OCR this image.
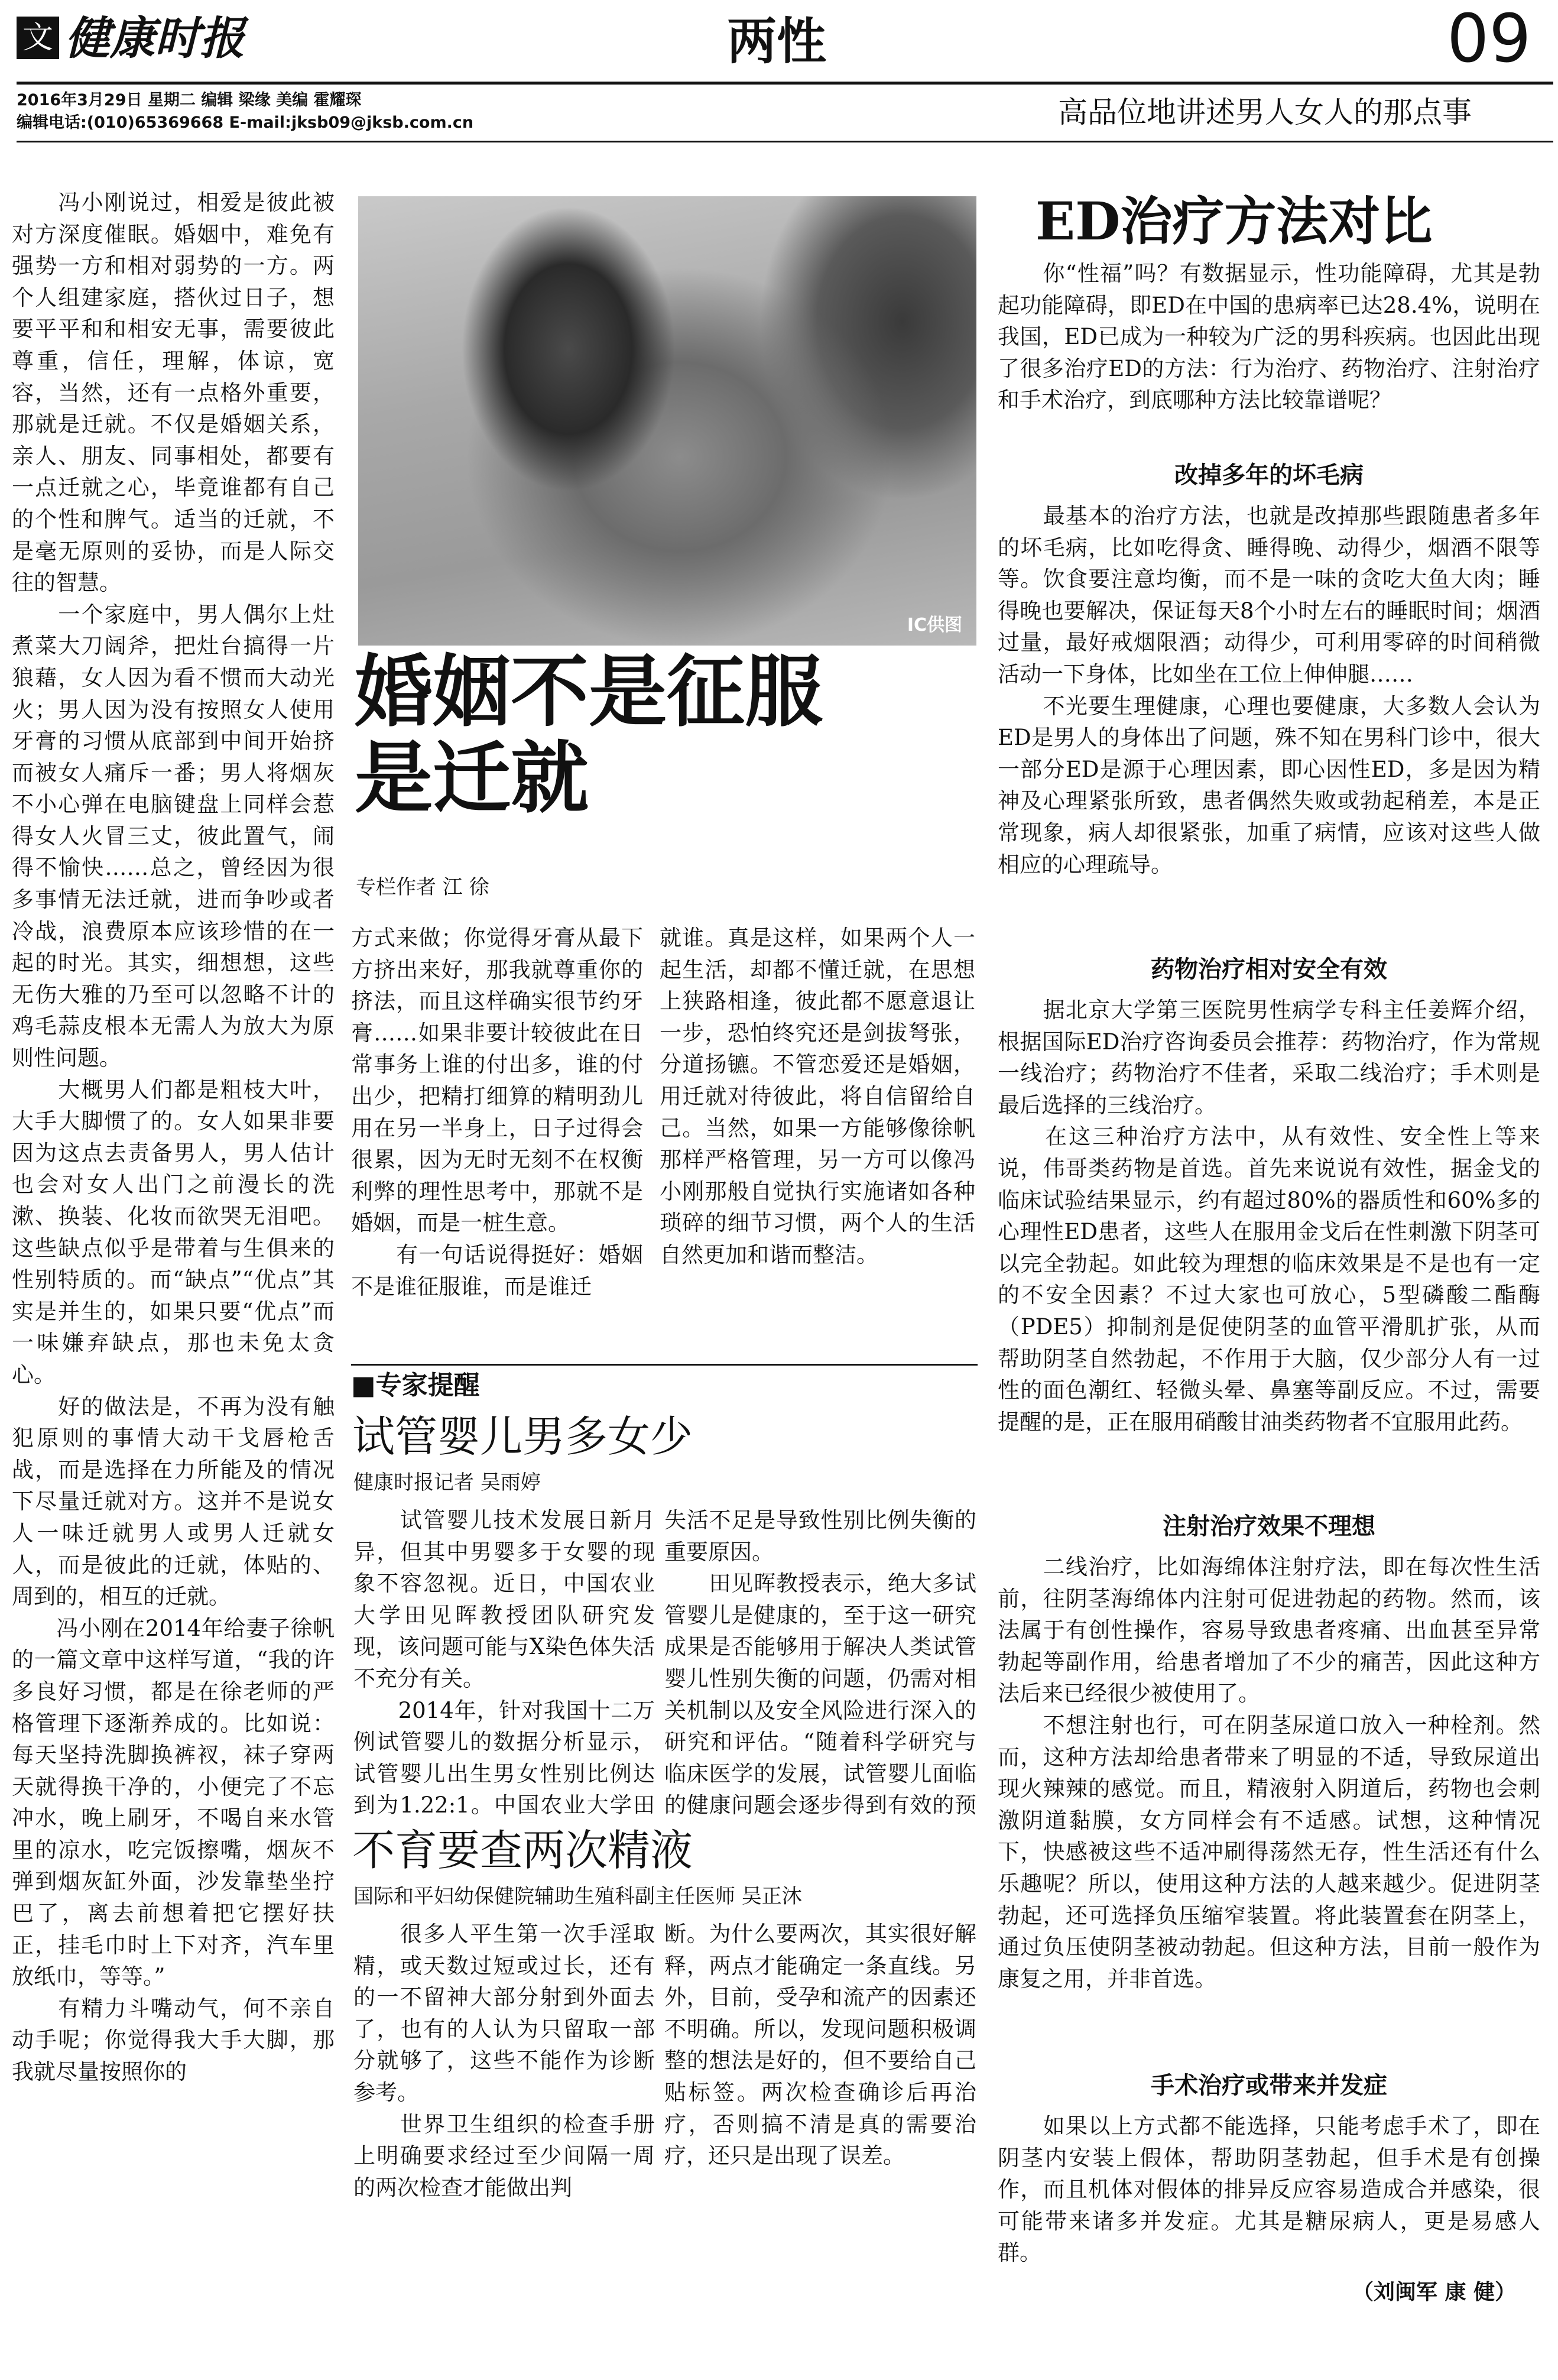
文 健康时报	两性	09
2016年3月29日 星期二 编辑 梁缘 美编 霍耀琛
编辑电话:(010)65369668 E-mail:jksb09@jksb.com.cn	高品位地讲述男人女人的那点事
IC供图
婚姻不是征服
是迁就
专栏作者 江 徐
　　冯小刚说过，相爱是彼此被对方深度催眠。婚姻中，难免有强势一方和相对弱势的一方。两个人组建家庭，搭伙过日子，想要平平和和相安无事，需要彼此尊重，信任，理解，体谅，宽容，当然，还有一点格外重要，那就是迁就。不仅是婚姻关系，亲人、朋友、同事相处，都要有一点迁就之心，毕竟谁都有自己的个性和脾气。适当的迁就，不是毫无原则的妥协，而是人际交往的智慧。
　　一个家庭中，男人偶尔上灶煮菜大刀阔斧，把灶台搞得一片狼藉，女人因为看不惯而大动光火；男人因为没有按照女人使用牙膏的习惯从底部到中间开始挤而被女人痛斥一番；男人将烟灰不小心弹在电脑键盘上同样会惹得女人火冒三丈，彼此置气，闹得不愉快……总之，曾经因为很多事情无法迁就，进而争吵或者冷战，浪费原本应该珍惜的在一起的时光。其实，细想想，这些无伤大雅的乃至可以忽略不计的鸡毛蒜皮根本无需人为放大为原则性问题。
　　大概男人们都是粗枝大叶，大手大脚惯了的。女人如果非要因为这点去责备男人，男人估计也会对女人出门之前漫长的洗漱、换装、化妆而欲哭无泪吧。这些缺点似乎是带着与生俱来的性别特质的。而“缺点”“优点”其实是并生的，如果只要“优点”而一味嫌弃缺点，那也未免太贪心。
　　好的做法是，不再为没有触犯原则的事情大动干戈唇枪舌战，而是选择在力所能及的情况下尽量迁就对方。这并不是说女人一味迁就男人或男人迁就女人，而是彼此的迁就，体贴的、周到的，相互的迁就。
　　冯小刚在2014年给妻子徐帆的一篇文章中这样写道，“我的许多良好习惯，都是在徐老师的严格管理下逐渐养成的。比如说：每天坚持洗脚换裤衩，袜子穿两天就得换干净的，小便完了不忘冲水，晚上刷牙，不喝自来水管里的凉水，吃完饭擦嘴，烟灰不弹到烟灰缸外面，沙发靠垫坐拧巴了，离去前想着把它摆好扶正，挂毛巾时上下对齐，汽车里放纸巾，等等。”
　　有精力斗嘴动气，何不亲自动手呢；你觉得我大手大脚，那我就尽量按照你的
方式来做；你觉得牙膏从最下方挤出来好，那我就尊重你的挤法，而且这样确实很节约牙膏……如果非要计较彼此在日常事务上谁的付出多，谁的付出少，把精打细算的精明劲儿用在另一半身上，日子过得会很累，因为无时无刻不在权衡利弊的理性思考中，那就不是婚姻，而是一桩生意。
　　有一句话说得挺好：婚姻不是谁征服谁，而是谁迁
就谁。真是这样，如果两个人一起生活，却都不懂迁就，在思想上狭路相逢，彼此都不愿意退让一步，恐怕终究还是剑拔弩张，分道扬镳。不管恋爱还是婚姻，用迁就对待彼此，将自信留给自己。当然，如果一方能够像徐帆那样严格管理，另一方可以像冯小刚那般自觉执行实施诸如各种琐碎的细节习惯，两个人的生活自然更加和谐而整洁。
■专家提醒
试管婴儿男多女少
健康时报记者 吴雨婷
　　试管婴儿技术发展日新月异，但其中男婴多于女婴的现象不容忽视。近日，中国农业大学田见晖教授团队研究发现，该问题可能与X染色体失活不充分有关。
　　2014年，针对我国十二万例试管婴儿的数据分析显示，试管婴儿出生男女性别比例达到为1.22:1。中国农业大学田
失活不足是导致性别比例失衡的重要原因。
　　田见晖教授表示，绝大多试管婴儿是健康的，至于这一研究成果是否能够用于解决人类试管婴儿性别失衡的问题，仍需对相关机制以及安全风险进行深入的研究和评估。“随着科学研究与临床医学的发展，试管婴儿面临的健康问题会逐步得到有效的预
不育要查两次精液
国际和平妇幼保健院辅助生殖科副主任医师 吴正沐
　　很多人平生第一次手淫取精，或天数过短或过长，还有的一不留神大部分射到外面去了，也有的人认为只留取一部分就够了，这些不能作为诊断参考。
　　世界卫生组织的检查手册上明确要求经过至少间隔一周的两次检查才能做出判
断。为什么要两次，其实很好解释，两点才能确定一条直线。另外，目前，受孕和流产的因素还不明确。所以，发现问题积极调整的想法是好的，但不要给自己贴标签。两次检查确诊后再治疗，否则搞不清是真的需要治疗，还只是出现了误差。
ED治疗方法对比
　　你“性福”吗？有数据显示，性功能障碍，尤其是勃起功能障碍，即ED在中国的患病率已达28.4%，说明在我国，ED已成为一种较为广泛的男科疾病。也因此出现了很多治疗ED的方法：行为治疗、药物治疗、注射治疗和手术治疗，到底哪种方法比较靠谱呢？
改掉多年的坏毛病
　　最基本的治疗方法，也就是改掉那些跟随患者多年的坏毛病，比如吃得贪、睡得晚、动得少，烟酒不限等等。饮食要注意均衡，而不是一味的贪吃大鱼大肉；睡得晚也要解决，保证每天8个小时左右的睡眠时间；烟酒过量，最好戒烟限酒；动得少，可利用零碎的时间稍微活动一下身体，比如坐在工位上伸伸腿……
　　不光要生理健康，心理也要健康，大多数人会认为ED是男人的身体出了问题，殊不知在男科门诊中，很大一部分ED是源于心理因素，即心因性ED，多是因为精神及心理紧张所致，患者偶然失败或勃起稍差，本是正常现象，病人却很紧张，加重了病情，应该对这些人做相应的心理疏导。
药物治疗相对安全有效
　　据北京大学第三医院男性病学专科主任姜辉介绍，根据国际ED治疗咨询委员会推荐：药物治疗，作为常规一线治疗；药物治疗不佳者，采取二线治疗；手术则是最后选择的三线治疗。
　　在这三种治疗方法中，从有效性、安全性上等来说，伟哥类药物是首选。首先来说说有效性，据金戈的临床试验结果显示，约有超过80%的器质性和60%多的心理性ED患者，这些人在服用金戈后在性刺激下阴茎可以完全勃起。如此较为理想的临床效果是不是也有一定的不安全因素？不过大家也可放心，5型磷酸二酯酶（PDE5）抑制剂是促使阴茎的血管平滑肌扩张，从而帮助阴茎自然勃起，不作用于大脑，仅少部分人有一过性的面色潮红、轻微头晕、鼻塞等副反应。不过，需要提醒的是，正在服用硝酸甘油类药物者不宜服用此药。
注射治疗效果不理想
　　二线治疗，比如海绵体注射疗法，即在每次性生活前，往阴茎海绵体内注射可促进勃起的药物。然而，该法属于有创性操作，容易导致患者疼痛、出血甚至异常勃起等副作用，给患者增加了不少的痛苦，因此这种方法后来已经很少被使用了。
　　不想注射也行，可在阴茎尿道口放入一种栓剂。然而，这种方法却给患者带来了明显的不适，导致尿道出现火辣辣的感觉。而且，精液射入阴道后，药物也会刺激阴道黏膜，女方同样会有不适感。试想，这种情况下，快感被这些不适冲刷得荡然无存，性生活还有什么乐趣呢？所以，使用这种方法的人越来越少。促进阴茎勃起，还可选择负压缩窄装置。将此装置套在阴茎上，通过负压使阴茎被动勃起。但这种方法，目前一般作为康复之用，并非首选。
手术治疗或带来并发症
　　如果以上方式都不能选择，只能考虑手术了，即在阴茎内安装上假体，帮助阴茎勃起，但手术是有创操作，而且机体对假体的排异反应容易造成合并感染，很可能带来诸多并发症。尤其是糖尿病人，更是易感人群。
（刘闽军 康 健）
